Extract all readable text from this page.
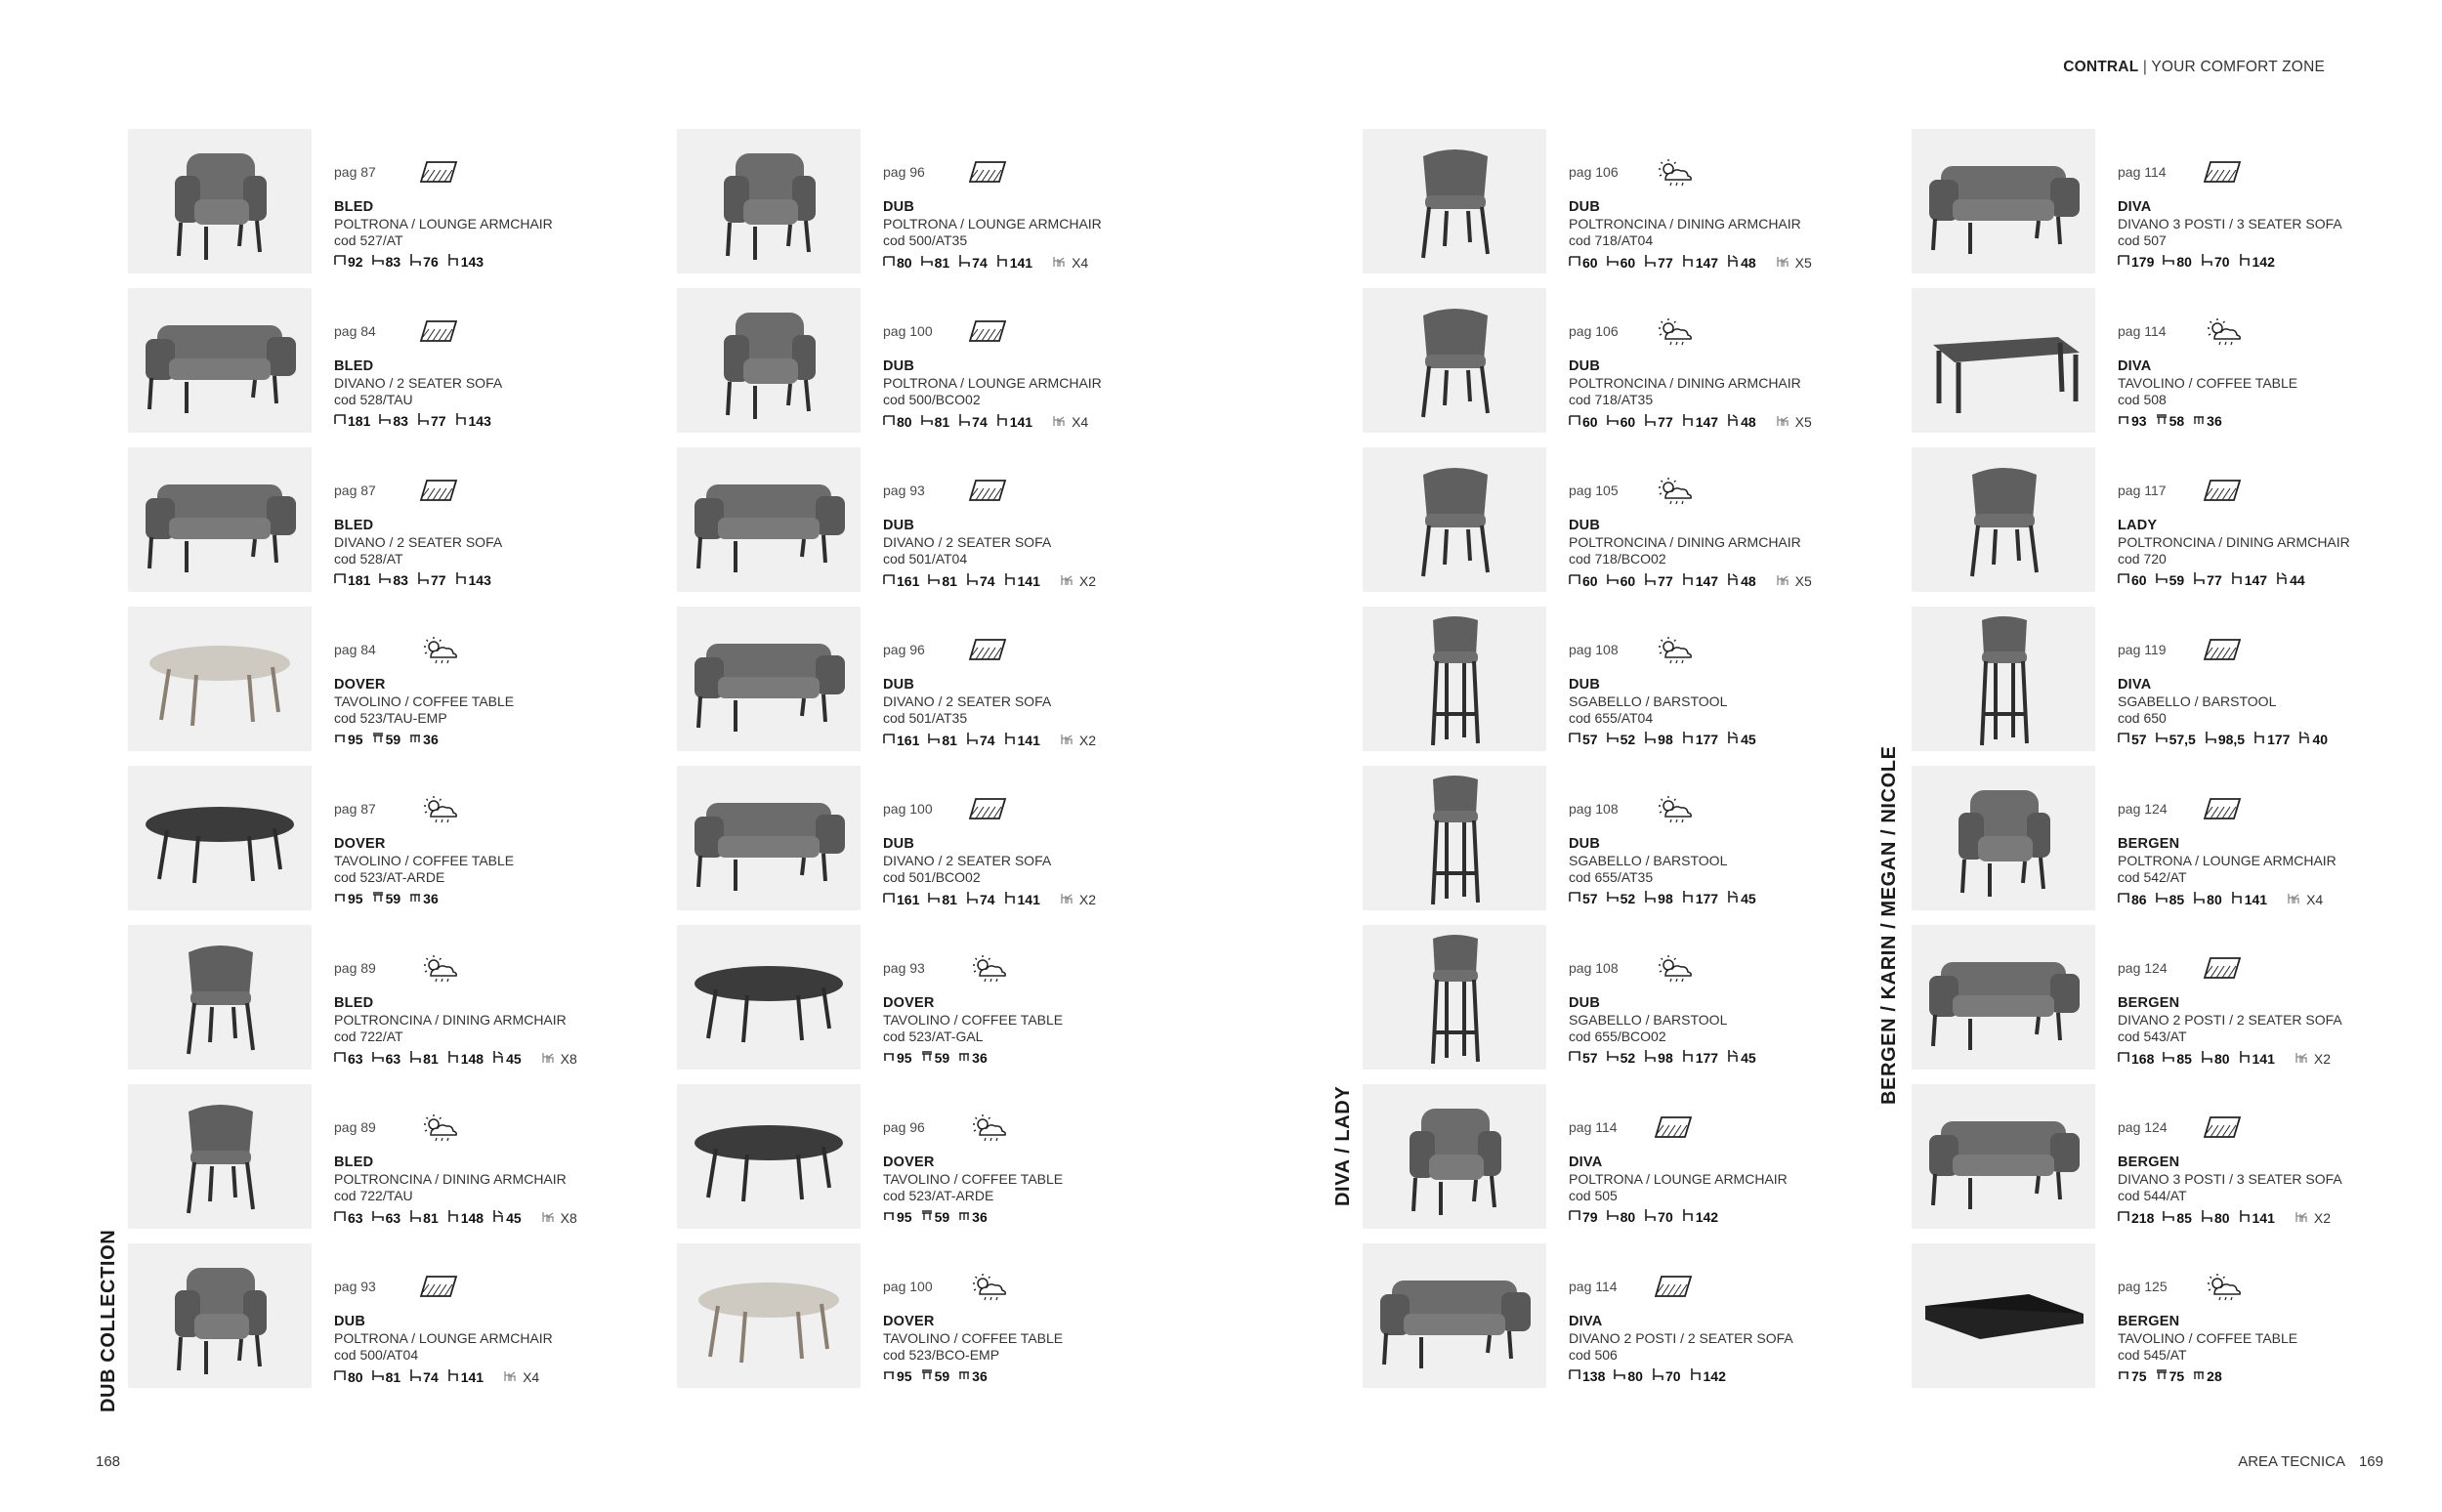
CONTRAL | YOUR COMFORT ZONE
DUB COLLECTION
DIVA / LADY
BERGEN / KARIN / MEGAN / NICOLE
pag 87
BLED
POLTRONA / LOUNGE ARMCHAIR
cod 527/AT
92 83 76 143
pag 84
BLED
DIVANO / 2 SEATER SOFA
cod 528/TAU
181 83 77 143
pag 87
BLED
DIVANO / 2 SEATER SOFA
cod 528/AT
181 83 77 143
pag 84
DOVER
TAVOLINO / COFFEE TABLE
cod 523/TAU-EMP
95 59 36
pag 87
DOVER
TAVOLINO / COFFEE TABLE
cod 523/AT-ARDE
95 59 36
pag 89
BLED
POLTRONCINA / DINING ARMCHAIR
cod 722/AT
63 63 81 148 45	X8
pag 89
BLED
POLTRONCINA / DINING ARMCHAIR
cod 722/TAU
63 63 81 148 45	X8
pag 93
DUB
POLTRONA / LOUNGE ARMCHAIR
cod 500/AT04
80 81 74 141	X4
pag 96
DUB
POLTRONA / LOUNGE ARMCHAIR
cod 500/AT35
80 81 74 141	X4
pag 100
DUB
POLTRONA / LOUNGE ARMCHAIR
cod 500/BCO02
80 81 74 141	X4
pag 93
DUB
DIVANO / 2 SEATER SOFA
cod 501/AT04
161 81 74 141	X2
pag 96
DUB
DIVANO / 2 SEATER SOFA
cod 501/AT35
161 81 74 141	X2
pag 100
DUB
DIVANO / 2 SEATER SOFA
cod 501/BCO02
161 81 74 141	X2
pag 93
DOVER
TAVOLINO / COFFEE TABLE
cod 523/AT-GAL
95 59 36
pag 96
DOVER
TAVOLINO / COFFEE TABLE
cod 523/AT-ARDE
95 59 36
pag 100
DOVER
TAVOLINO / COFFEE TABLE
cod 523/BCO-EMP
95 59 36
pag 106
DUB
POLTRONCINA / DINING ARMCHAIR
cod 718/AT04
60 60 77 147 48	X5
pag 106
DUB
POLTRONCINA / DINING ARMCHAIR
cod 718/AT35
60 60 77 147 48	X5
pag 105
DUB
POLTRONCINA / DINING ARMCHAIR
cod 718/BCO02
60 60 77 147 48	X5
pag 108
DUB
SGABELLO / BARSTOOL
cod 655/AT04
57 52 98 177 45
pag 108
DUB
SGABELLO / BARSTOOL
cod 655/AT35
57 52 98 177 45
pag 108
DUB
SGABELLO / BARSTOOL
cod 655/BCO02
57 52 98 177 45
pag 114
DIVA
POLTRONA / LOUNGE ARMCHAIR
cod 505
79 80 70 142
pag 114
DIVA
DIVANO 2 POSTI / 2 SEATER SOFA
cod 506
138 80 70 142
pag 114
DIVA
DIVANO 3 POSTI / 3 SEATER SOFA
cod 507
179 80 70 142
pag 114
DIVA
TAVOLINO / COFFEE TABLE
cod 508
93 58 36
pag 117
LADY
POLTRONCINA / DINING ARMCHAIR
cod 720
60 59 77 147 44
pag 119
DIVA
SGABELLO / BARSTOOL
cod 650
57 57,5 98,5 177 40
pag 124
BERGEN
POLTRONA / LOUNGE ARMCHAIR
cod 542/AT
86 85 80 141	X4
pag 124
BERGEN
DIVANO 2 POSTI / 2 SEATER SOFA
cod 543/AT
168 85 80 141	X2
pag 124
BERGEN
DIVANO 3 POSTI / 3 SEATER SOFA
cod 544/AT
218 85 80 141	X2
pag 125
BERGEN
TAVOLINO / COFFEE TABLE
cod 545/AT
75 75 28
168	AREA TECNICA 169
